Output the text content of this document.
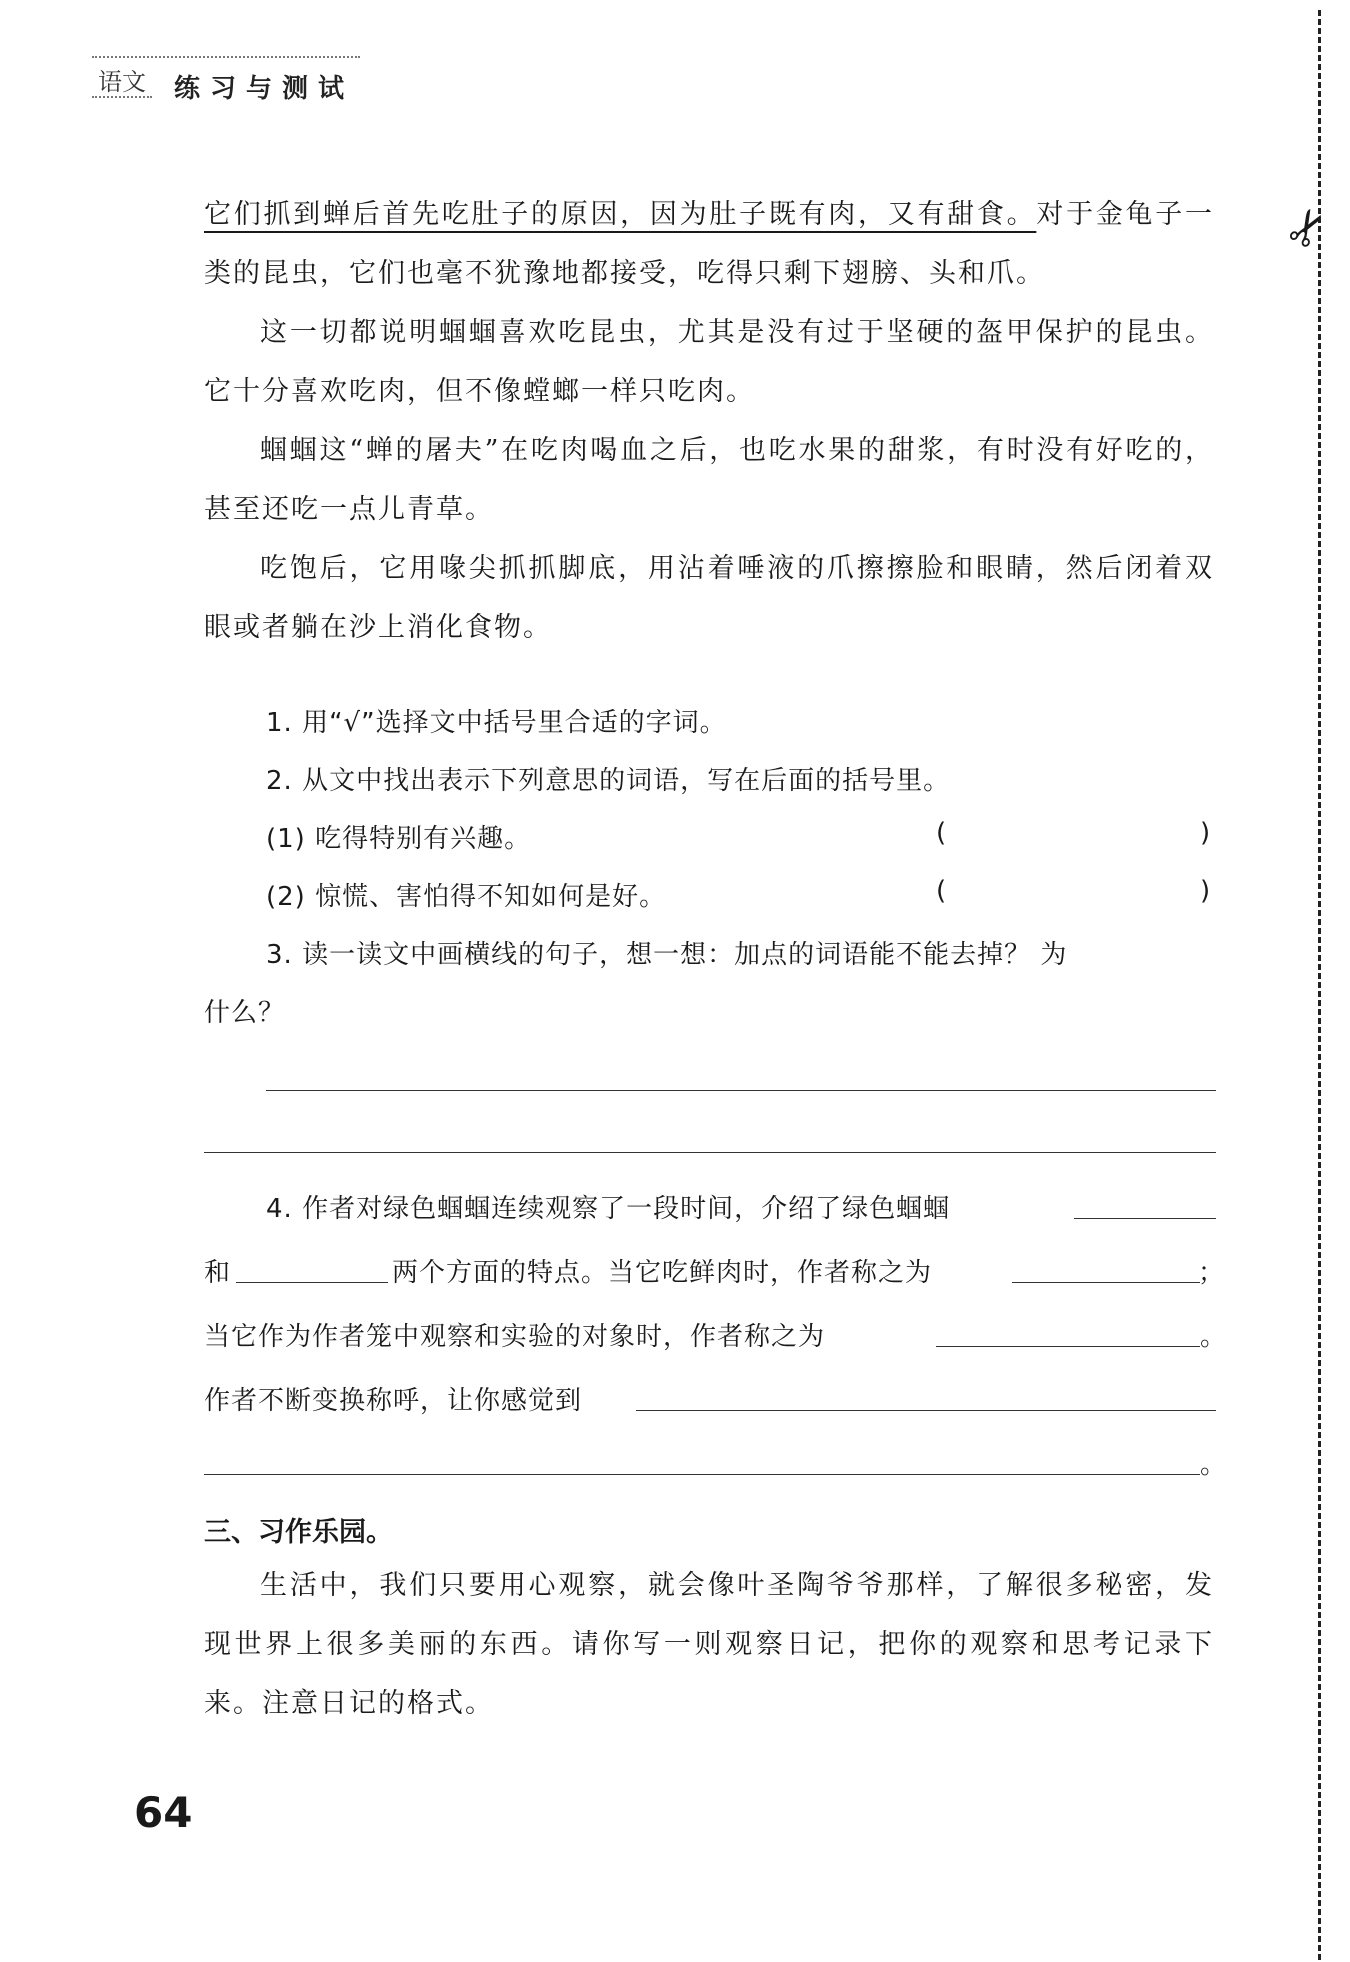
语文 练习与测试
它们抓到蝉后首先吃肚子的原因，因为肚子既有肉，又有甜食。对于金龟子一类的昆虫，它们也毫不犹豫地都接受，吃得只剩下翅膀、头和爪。
这一切都说明蝈蝈喜欢吃昆虫，尤其是没有过于坚硬的盔甲保护的昆虫。它十分喜欢吃肉，但不像螳螂一样只吃肉。
蝈蝈这“蝉的屠夫”在吃肉喝血之后，也吃水果的甜浆，有时没有好吃的，甚至还吃一点儿青草。
吃饱后，它用喙尖抓抓脚底，用沾着唾液的爪擦擦脸和眼睛，然后闭着双眼或者躺在沙上消化食物。
1. 用“√”选择文中括号里合适的字词。
2. 从文中找出表示下列意思的词语，写在后面的括号里。
(1) 吃得特别有兴趣。	(	)
(2) 惊慌、害怕得不知如何是好。	(	)
3. 读一读文中画横线的句子，想一想：加点的词语能不能去掉？ 为
什么？
4. 作者对绿色蝈蝈连续观察了一段时间，介绍了绿色蝈蝈
和	两个方面的特点。当它吃鲜肉时，作者称之为	；
当它作为作者笼中观察和实验的对象时，作者称之为	。
作者不断变换称呼，让你感觉到
。
三、习作乐园。
生活中，我们只要用心观察，就会像叶圣陶爷爷那样，了解很多秘密，发现世界上很多美丽的东西。请你写一则观察日记，把你的观察和思考记录下来。注意日记的格式。
64
✂
